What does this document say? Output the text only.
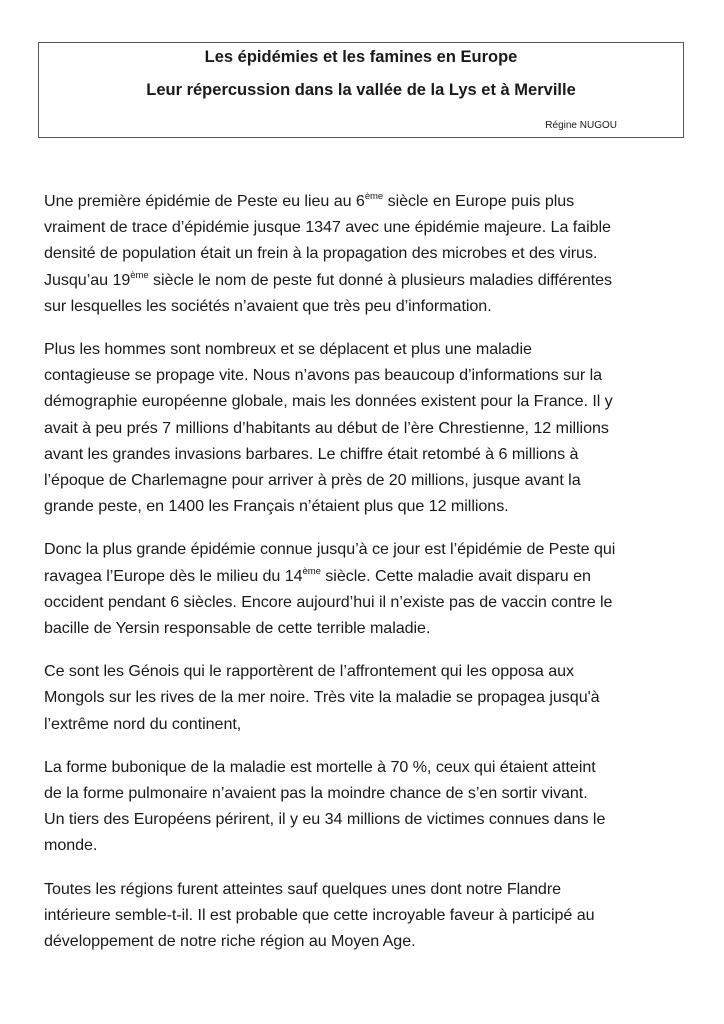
Les épidémies et les famines en Europe

Leur répercussion dans la vallée de la Lys et à Merville

Régine NUGOU

Une première épidémie de Peste eu lieu au 6ème siècle en Europe puis plus
vraiment de trace d’épidémie jusque 1347 avec une épidémie majeure. La faible
densité de population était un frein à la propagation des microbes et des virus.
Jusqu’au 19ème siècle le nom de peste fut donné à plusieurs maladies différentes
sur lesquelles les sociétés n’avaient que très peu d’information.

Plus les hommes sont nombreux et se déplacent et plus une maladie
contagieuse se propage vite. Nous n’avons pas beaucoup d’informations sur la
démographie européenne globale, mais les données existent pour la France. Il y
avait à peu prés 7 millions d’habitants au début de l’ère Chrestienne, 12 millions
avant les grandes invasions barbares. Le chiffre était retombé à 6 millions à
l’époque de Charlemagne pour arriver à près de 20 millions, jusque avant la
grande peste, en 1400 les Français n’étaient plus que 12 millions.

Donc la plus grande épidémie connue jusqu’à ce jour est l’épidémie de Peste qui
ravagea l’Europe dès le milieu du 14ème siècle. Cette maladie avait disparu en
occident pendant 6 siècles. Encore aujourd’hui il n’existe pas de vaccin contre le
bacille de Yersin responsable de cette terrible maladie.

Ce sont les Génois qui le rapportèrent de l’affrontement qui les opposa aux
Mongols sur les rives de la mer noire. Très vite la maladie se propagea jusqu'à
l’extrême nord du continent,

La forme bubonique de la maladie est mortelle à 70 %, ceux qui étaient atteint
de la forme pulmonaire n’avaient pas la moindre chance de s’en sortir vivant.
Un tiers des Européens périrent, il y eu 34 millions de victimes connues dans le
monde.

Toutes les régions furent atteintes sauf quelques unes dont notre Flandre
intérieure semble-t-il. Il est probable que cette incroyable faveur à participé au
développement de notre riche région au Moyen Age.
